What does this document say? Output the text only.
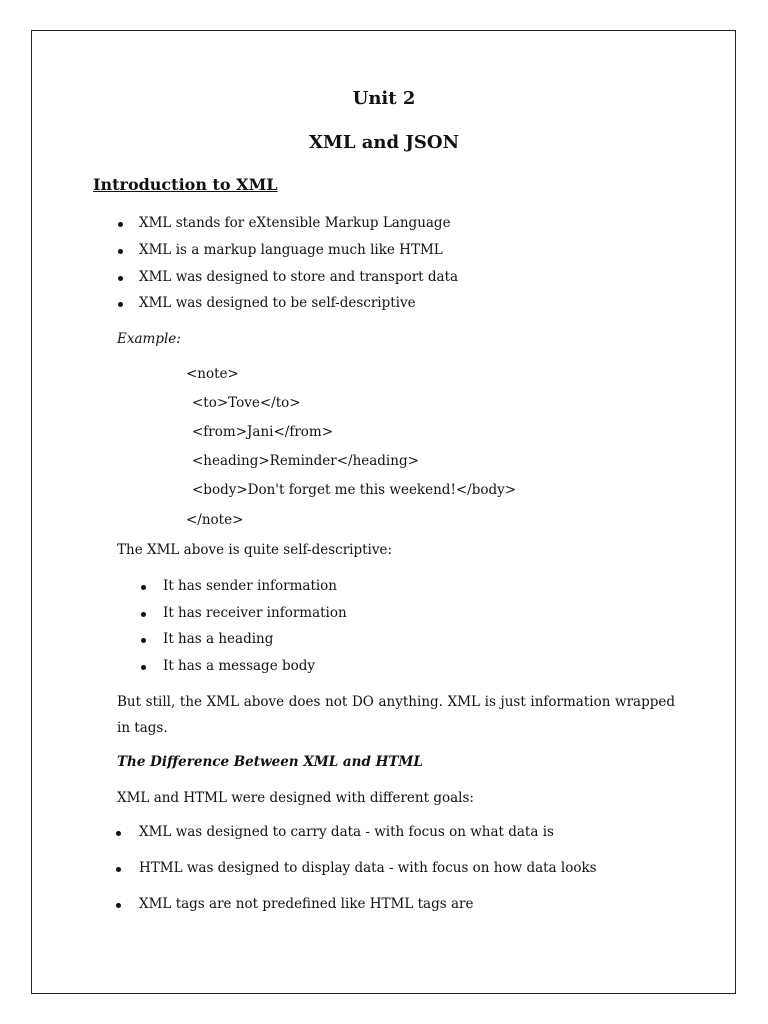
Unit 2
XML and JSON
Introduction to XML
XML stands for eXtensible Markup Language
XML is a markup language much like HTML
XML was designed to store and transport data
XML was designed to be self-descriptive
Example:
<note>
<to>Tove</to>
<from>Jani</from>
<heading>Reminder</heading>
<body>Don't forget me this weekend!</body>
</note>
The XML above is quite self-descriptive:
It has sender information
It has receiver information
It has a heading
It has a message body
But still, the XML above does not DO anything. XML is just information wrapped in tags.
The Difference Between XML and HTML
XML and HTML were designed with different goals:
XML was designed to carry data - with focus on what data is
HTML was designed to display data - with focus on how data looks
XML tags are not predefined like HTML tags are
